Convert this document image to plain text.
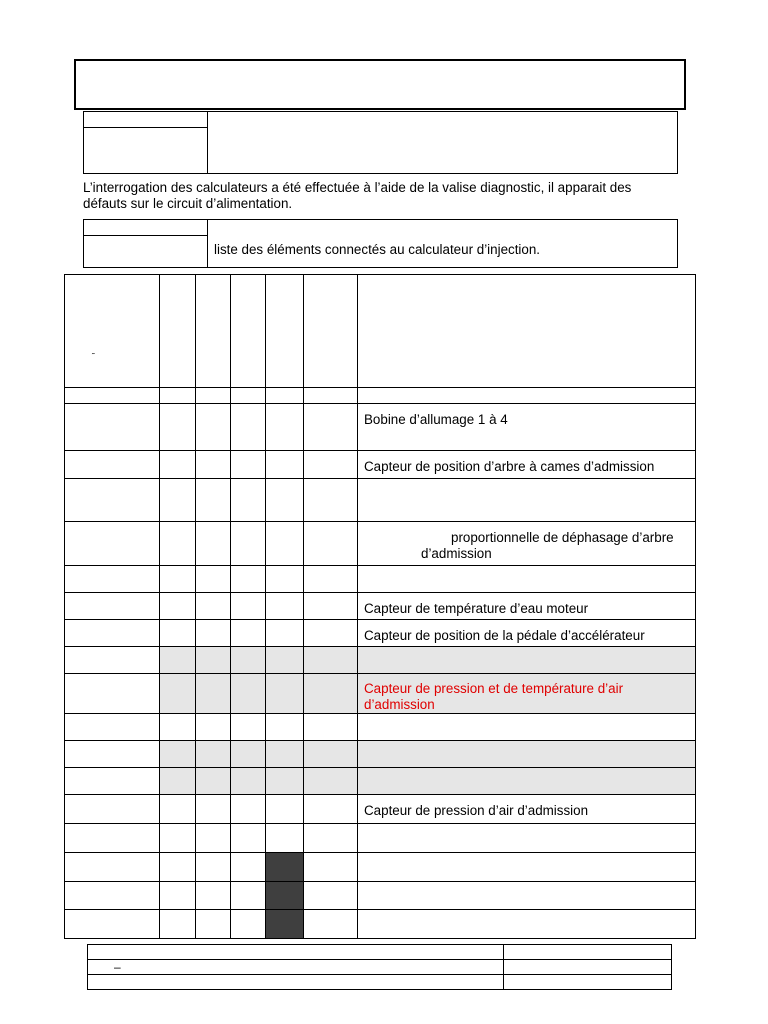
L’interrogation des calculateurs a été effectuée à l’aide de la valise diagnostic, il apparait des
défauts sur le circuit d’alimentation.
liste des éléments connectés au calculateur d’injection.

						Bobine d’allumage 1 à 4
						Capteur de position d’arbre à cames d’admission

						proportionnelle de déphasage d’arbre
d’admission

						Capteur de température d’eau moteur
						Capteur de position de la pédale d’accélérateur

						Capteur de pression et de température d’air d’admission

						Capteur de pression d’air d’admission

˜

–	
